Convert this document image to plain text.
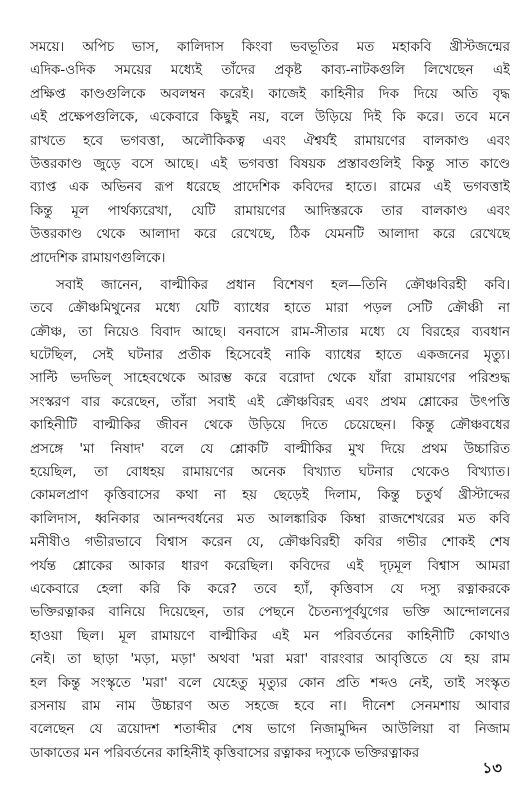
সময়ে। অপিচ ভাস, কালিদাস কিংবা ভবভূতির মত মহাকবি খ্রীস্টজন্মের
এদিক-ওদিক সময়ের মধ্যেই তাঁদের প্রকৃষ্ট কাব্য-নাটকগুলি লিখেছেন এই
প্রক্ষিপ্ত কাণ্ডগুলিকে অবলম্বন করেই। কাজেই কাহিনীর দিক দিয়ে অতি বৃদ্ধ
এই প্রক্ষেপগুলিকে, একেবারে কিছুই নয়, বলে উড়িয়ে দিই কি করে। তবে মনে
রাখতে হবে ভগবত্তা, অলৌকিকত্ব এবং ঐশ্বর্যই রামায়ণের বালকাণ্ড এবং
উত্তরকাণ্ড জুড়ে বসে আছে। এই ভগবত্তা বিষয়ক প্রস্তাবগুলিই কিন্তু সাত কাণ্ডে
ব্যাপ্ত এক অভিনব রূপ ধরেছে প্রাদেশিক কবিদের হাতে। রামের এই ভগবত্তাই
কিন্তু মূল পার্থক্যরেখা, যেটি রামায়ণের আদিস্তরকে তার বালকাণ্ড এবং
উত্তরকাণ্ড থেকে আলাদা করে রেখেছে, ঠিক যেমনটি আলাদা করে রেখেছে
প্রাদেশিক রামায়ণগুলিকে।
সবাই জানেন, বাল্মীকির প্রধান বিশেষণ হল—তিনি ক্রৌঞ্চবিরহী কবি।
তবে ক্রৌঞ্চমিথুনের মধ্যে যেটি ব্যাধের হাতে মারা পড়ল সেটি ক্রৌঞ্চী না
ক্রৌঞ্চ, তা নিয়েও বিবাদ আছে। বনবাসে রাম-সীতার মধ্যে যে বিরহের ব্যবধান
ঘটেছিল, সেই ঘটনার প্রতীক হিসেবেই নাকি ব্যাধের হাতে একজনের মৃত্যু।
সাল্টি ভদভিল্ সাহেবথেকে আরম্ভ করে বরোদা থেকে যাঁরা রামায়ণের পরিশুদ্ধ
সংস্করণ বার করেছেন, তাঁরা সবাই এই ক্রৌঞ্চবিরহ এবং প্রথম শ্লোকের উৎপত্তি
কাহিনীটি বাল্মীকির জীবন থেকে উড়িয়ে দিতে চেয়েছেন। কিন্তু ক্রৌঞ্চবধের
প্রসঙ্গে 'মা নিষাদ' বলে যে শ্লোকটি বাল্মীকির মুখ দিয়ে প্রথম উচ্চারিত
হয়েছিল, তা বোধহয় রামায়ণের অনেক বিখ্যাত ঘটনার থেকেও বিখ্যাত।
কোমলপ্রাণ কৃত্তিবাসের কথা না হয় ছেড়েই দিলাম, কিন্তু চতুর্থ খ্রীস্টাব্দের
কালিদাস, ধ্বনিকার আনন্দবর্ধনের মত আলঙ্কারিক কিম্বা রাজশেখরের মত কবি
মনীষীও গভীরভাবে বিশ্বাস করেন যে, ক্রৌঞ্চবিরহী কবির গভীর শোকই শেষ
পর্যন্ত শ্লোকের আকার ধারণ করেছিল। কবিদের এই দৃঢ়মূল বিশ্বাস আমরা
একেবারে হেলা করি কি করে? তবে হ্যাঁ, কৃত্তিবাস যে দস্যু রত্নাকরকে
ভক্তিরত্নাকর বানিয়ে দিয়েছেন, তার পেছনে চৈতন্যপূর্বযুগের ভক্তি আন্দোলনের
হাওয়া ছিল। মূল রামায়ণে বাল্মীকির এই মন পরিবর্তনের কাহিনীটি কোথাও
নেই। তা ছাড়া 'মড়া, মড়া' অথবা 'মরা মরা' বারংবার আবৃত্তিতে যে হয় রাম
হল কিন্তু সংস্কৃতে 'মরা' বলে যেহেতু মৃত্যুর কোন প্রতি শব্দও নেই, তাই সংস্কৃত
রসনায় রাম নাম উচ্চারণ অত সহজে হবে না। দীনেশ সেনমশায় আবার
বলেছেন যে ত্রয়োদশ শতাব্দীর শেষ ভাগে নিজামুদ্দিন আউলিয়া বা নিজাম
ডাকাতের মন পরিবর্তনের কাহিনীই কৃত্তিবাসের রত্নাকর দস্যুকে ভক্তিরত্নাকর
১৩
